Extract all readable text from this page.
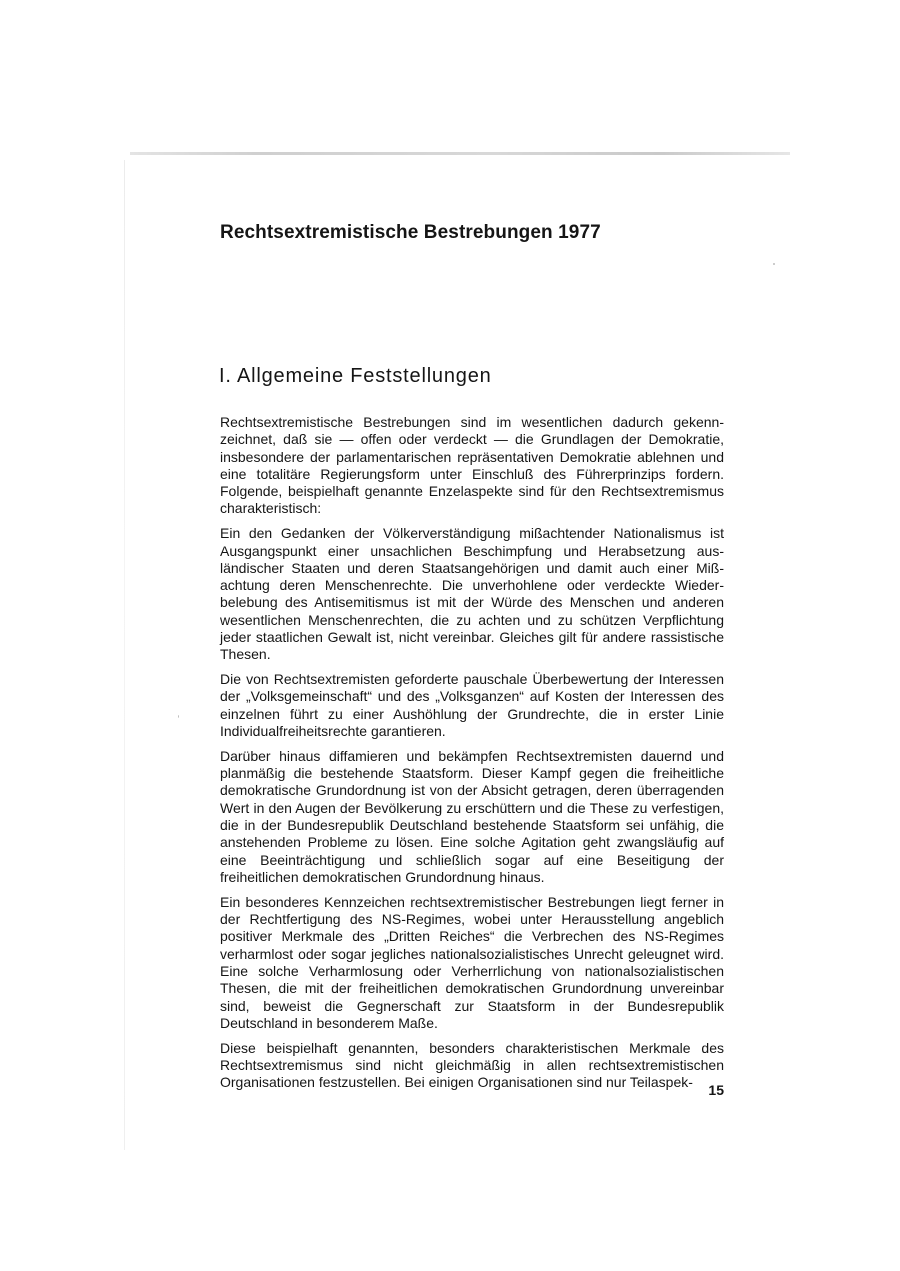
Rechtsextremistische Bestrebungen 1977
I. Allgemeine Feststellungen

Rechtsextremistische Bestrebungen sind im wesentlichen dadurch gekennzeichnet, daß sie — offen oder verdeckt — die Grundlagen der Demokratie, insbesondere der parlamentarischen repräsentativen Demokratie ablehnen und eine totalitäre Regierungsform unter Einschluß des Führerprinzips fordern. Folgende, beispielhaft genannte Enzelaspekte sind für den Rechtsextremismus charakteristisch:

Ein den Gedanken der Völkerverständigung mißachtender Nationalismus ist Ausgangspunkt einer unsachlichen Beschimpfung und Herabsetzung ausländischer Staaten und deren Staatsangehörigen und damit auch einer Mißachtung deren Menschenrechte. Die unverhohlene oder verdeckte Wiederbelebung des Antisemitismus ist mit der Würde des Menschen und anderen wesentlichen Menschenrechten, die zu achten und zu schützen Verpflichtung jeder staatlichen Gewalt ist, nicht vereinbar. Gleiches gilt für andere rassistische Thesen.

Die von Rechtsextremisten geforderte pauschale Überbewertung der Interessen der „Volksgemeinschaft“ und des „Volksganzen“ auf Kosten der Interessen des einzelnen führt zu einer Aushöhlung der Grundrechte, die in erster Linie Individualfreiheitsrechte garantieren.

Darüber hinaus diffamieren und bekämpfen Rechtsextremisten dauernd und planmäßig die bestehende Staatsform. Dieser Kampf gegen die freiheitliche demokratische Grundordnung ist von der Absicht getragen, deren überragenden Wert in den Augen der Bevölkerung zu erschüttern und die These zu verfestigen, die in der Bundesrepublik Deutschland bestehende Staatsform sei unfähig, die anstehenden Probleme zu lösen. Eine solche Agitation geht zwangsläufig auf eine Beeinträchtigung und schließlich sogar auf eine Beseitigung der freiheitlichen demokratischen Grundordnung hinaus.

Ein besonderes Kennzeichen rechtsextremistischer Bestrebungen liegt ferner in der Rechtfertigung des NS-Regimes, wobei unter Herausstellung angeblich positiver Merkmale des „Dritten Reiches“ die Verbrechen des NS-Regimes verharmlost oder sogar jegliches nationalsozialistisches Unrecht geleugnet wird. Eine solche Verharmlosung oder Verherrlichung von nationalsozialistischen Thesen, die mit der freiheitlichen demokratischen Grundordnung unvereinbar sind, beweist die Gegnerschaft zur Staatsform in der Bundesrepublik Deutschland in besonderem Maße.

Diese beispielhaft genannten, besonders charakteristischen Merkmale des Rechtsextremismus sind nicht gleichmäßig in allen rechtsextremistischen Organisationen festzustellen. Bei einigen Organisationen sind nur Teilaspek-	15
